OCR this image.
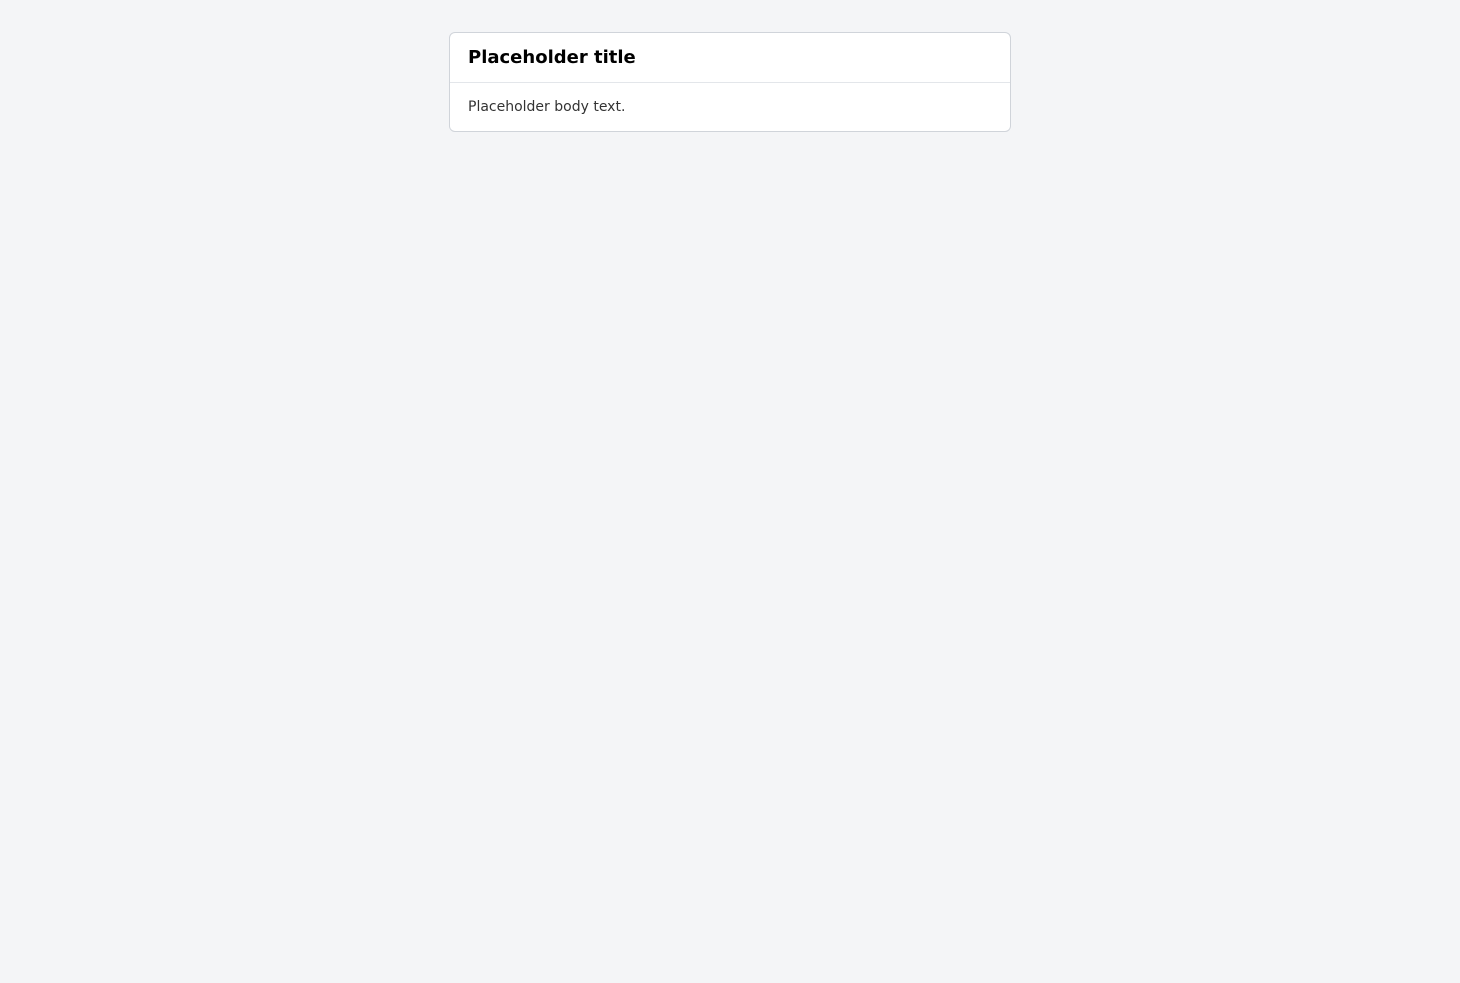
Placeholder title
Placeholder body text.
